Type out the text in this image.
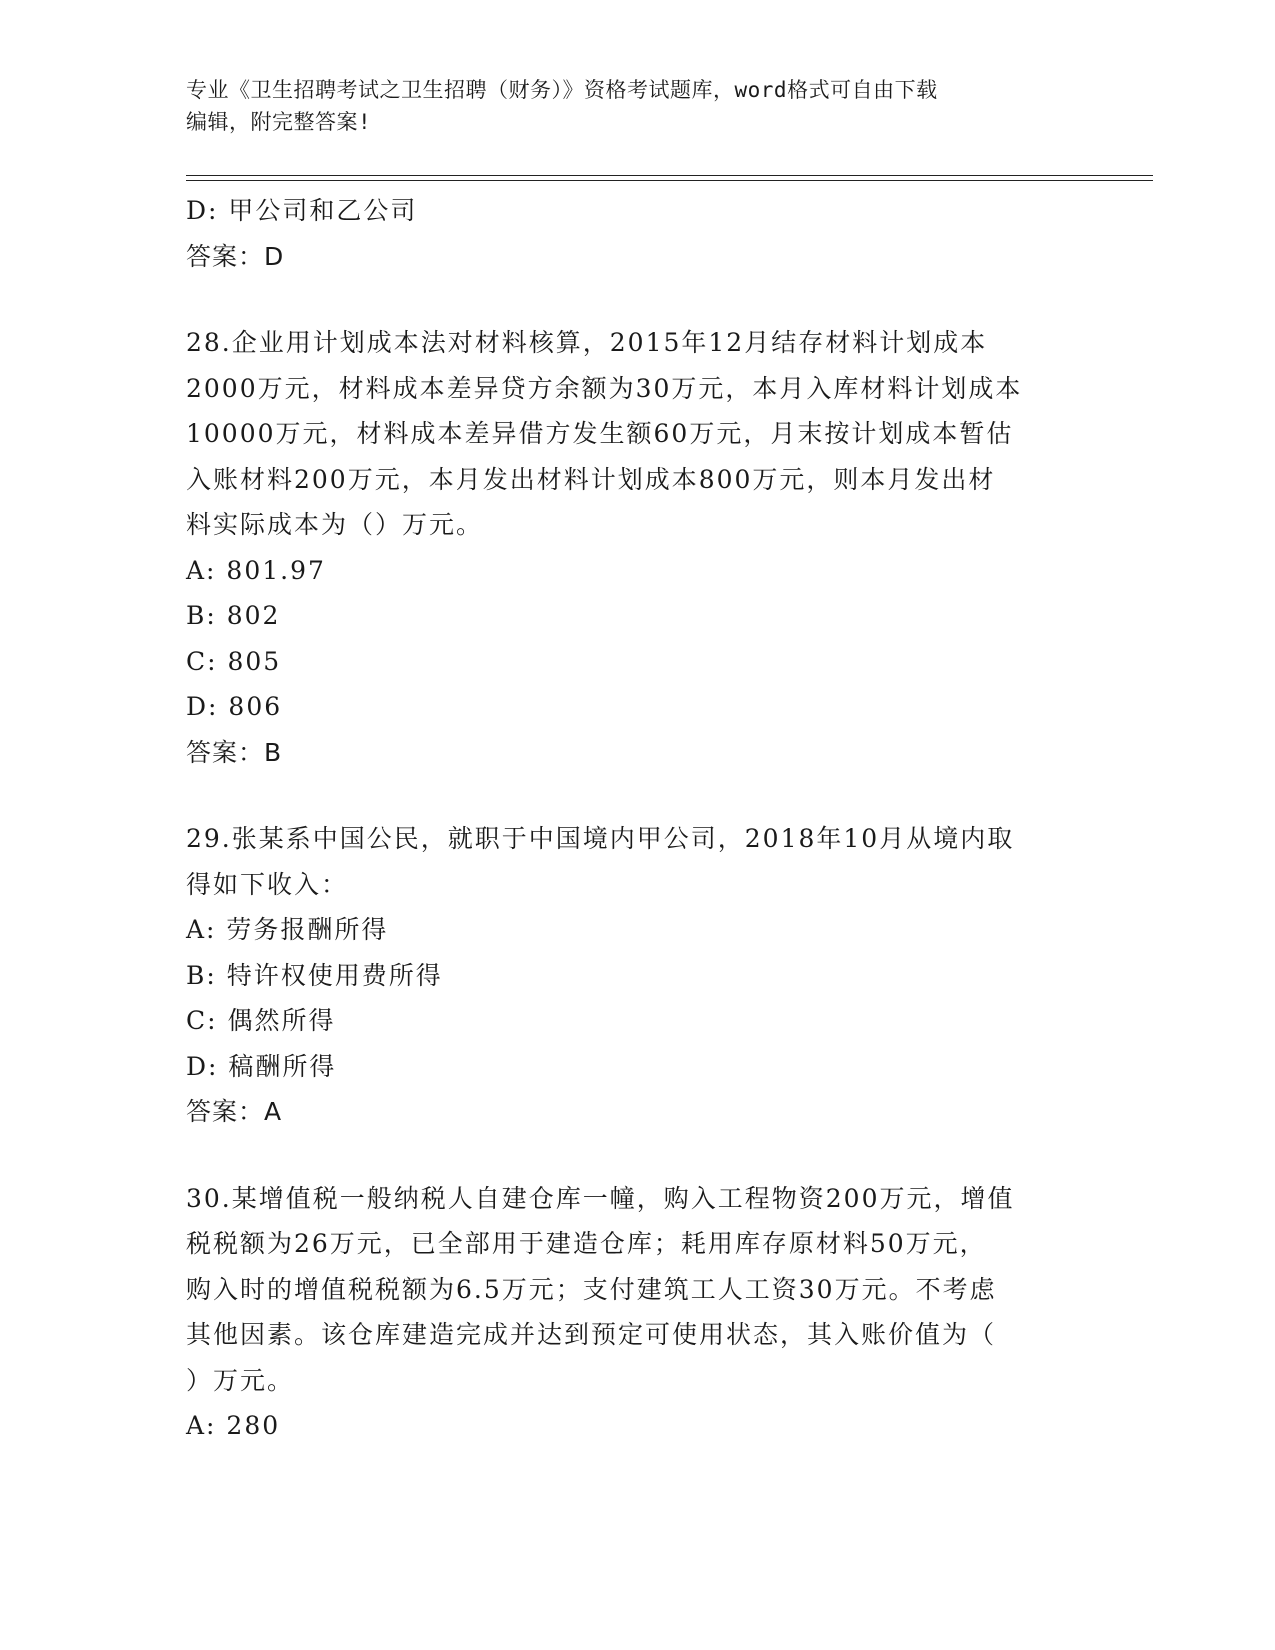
专业《卫生招聘考试之卫生招聘（财务）》资格考试题库，word格式可自由下载
编辑，附完整答案!
D: 甲公司和乙公司
答案：D
28.企业用计划成本法对材料核算，2015年12月结存材料计划成本
2000万元，材料成本差异贷方余额为30万元，本月入库材料计划成本
10000万元，材料成本差异借方发生额60万元，月末按计划成本暂估
入账材料200万元，本月发出材料计划成本800万元，则本月发出材
料实际成本为（）万元。
A: 801.97
B: 802
C: 805
D: 806
答案：B
29.张某系中国公民，就职于中国境内甲公司，2018年10月从境内取
得如下收入：
A: 劳务报酬所得
B: 特许权使用费所得
C: 偶然所得
D: 稿酬所得
答案：A
30.某增值税一般纳税人自建仓库一幢，购入工程物资200万元，增值
税税额为26万元，已全部用于建造仓库；耗用库存原材料50万元，
购入时的增值税税额为6.5万元；支付建筑工人工资30万元。不考虑
其他因素。该仓库建造完成并达到预定可使用状态，其入账价值为（
）万元。
A: 280
